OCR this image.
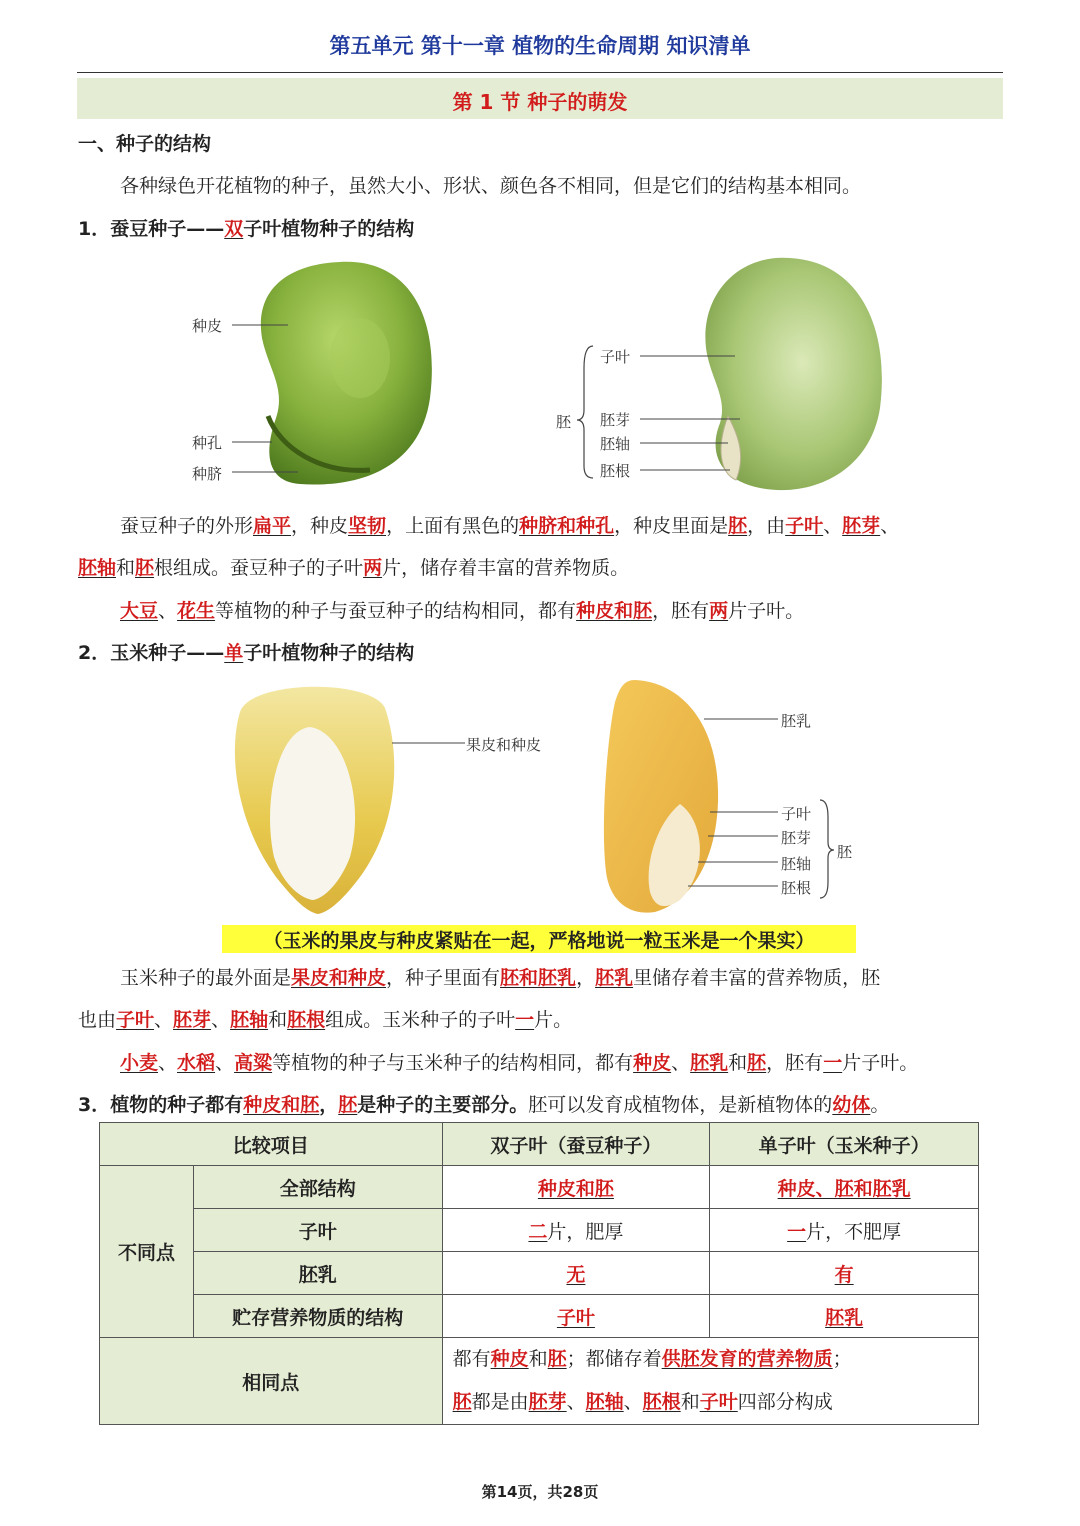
第五单元 第十一章 植物的生命周期 知识清单
第 1 节 种子的萌发
一、种子的结构
各种绿色开花植物的种子，虽然大小、形状、颜色各不相同，但是它们的结构基本相同。
1．蚕豆种子——双子叶植物种子的结构
种皮
种孔
种脐
胚
子叶
胚芽
胚轴
胚根
蚕豆种子的外形扁平，种皮坚韧，上面有黑色的种脐和种孔，种皮里面是胚，由子叶、胚芽、
胚轴和胚根组成。蚕豆种子的子叶两片，储存着丰富的营养物质。
大豆、花生等植物的种子与蚕豆种子的结构相同，都有种皮和胚，胚有两片子叶。
2．玉米种子——单子叶植物种子的结构
果皮和种皮
胚乳
子叶
胚芽
胚轴
胚根
胚
（玉米的果皮与种皮紧贴在一起，严格地说一粒玉米是一个果实）
玉米种子的最外面是果皮和种皮，种子里面有胚和胚乳，胚乳里储存着丰富的营养物质，胚
也由子叶、胚芽、胚轴和胚根组成。玉米种子的子叶一片。
小麦、水稻、高粱等植物的种子与玉米种子的结构相同，都有种皮、胚乳和胚，胚有一片子叶。
3．植物的种子都有种皮和胚，胚是种子的主要部分。胚可以发育成植物体，是新植物体的幼体。
比较项目		双子叶（蚕豆种子）	单子叶（玉米种子）
不同点	全部结构	种皮和胚	种皮、胚和胚乳
	子叶	二片，肥厚	一片，不肥厚
	胚乳	无	有
	贮存营养物质的结构	子叶	胚乳
相同点		都有种皮和胚；都储存着供胚发育的营养物质；
胚都是由胚芽、胚轴、胚根和子叶四部分构成	
第14页，共28页
